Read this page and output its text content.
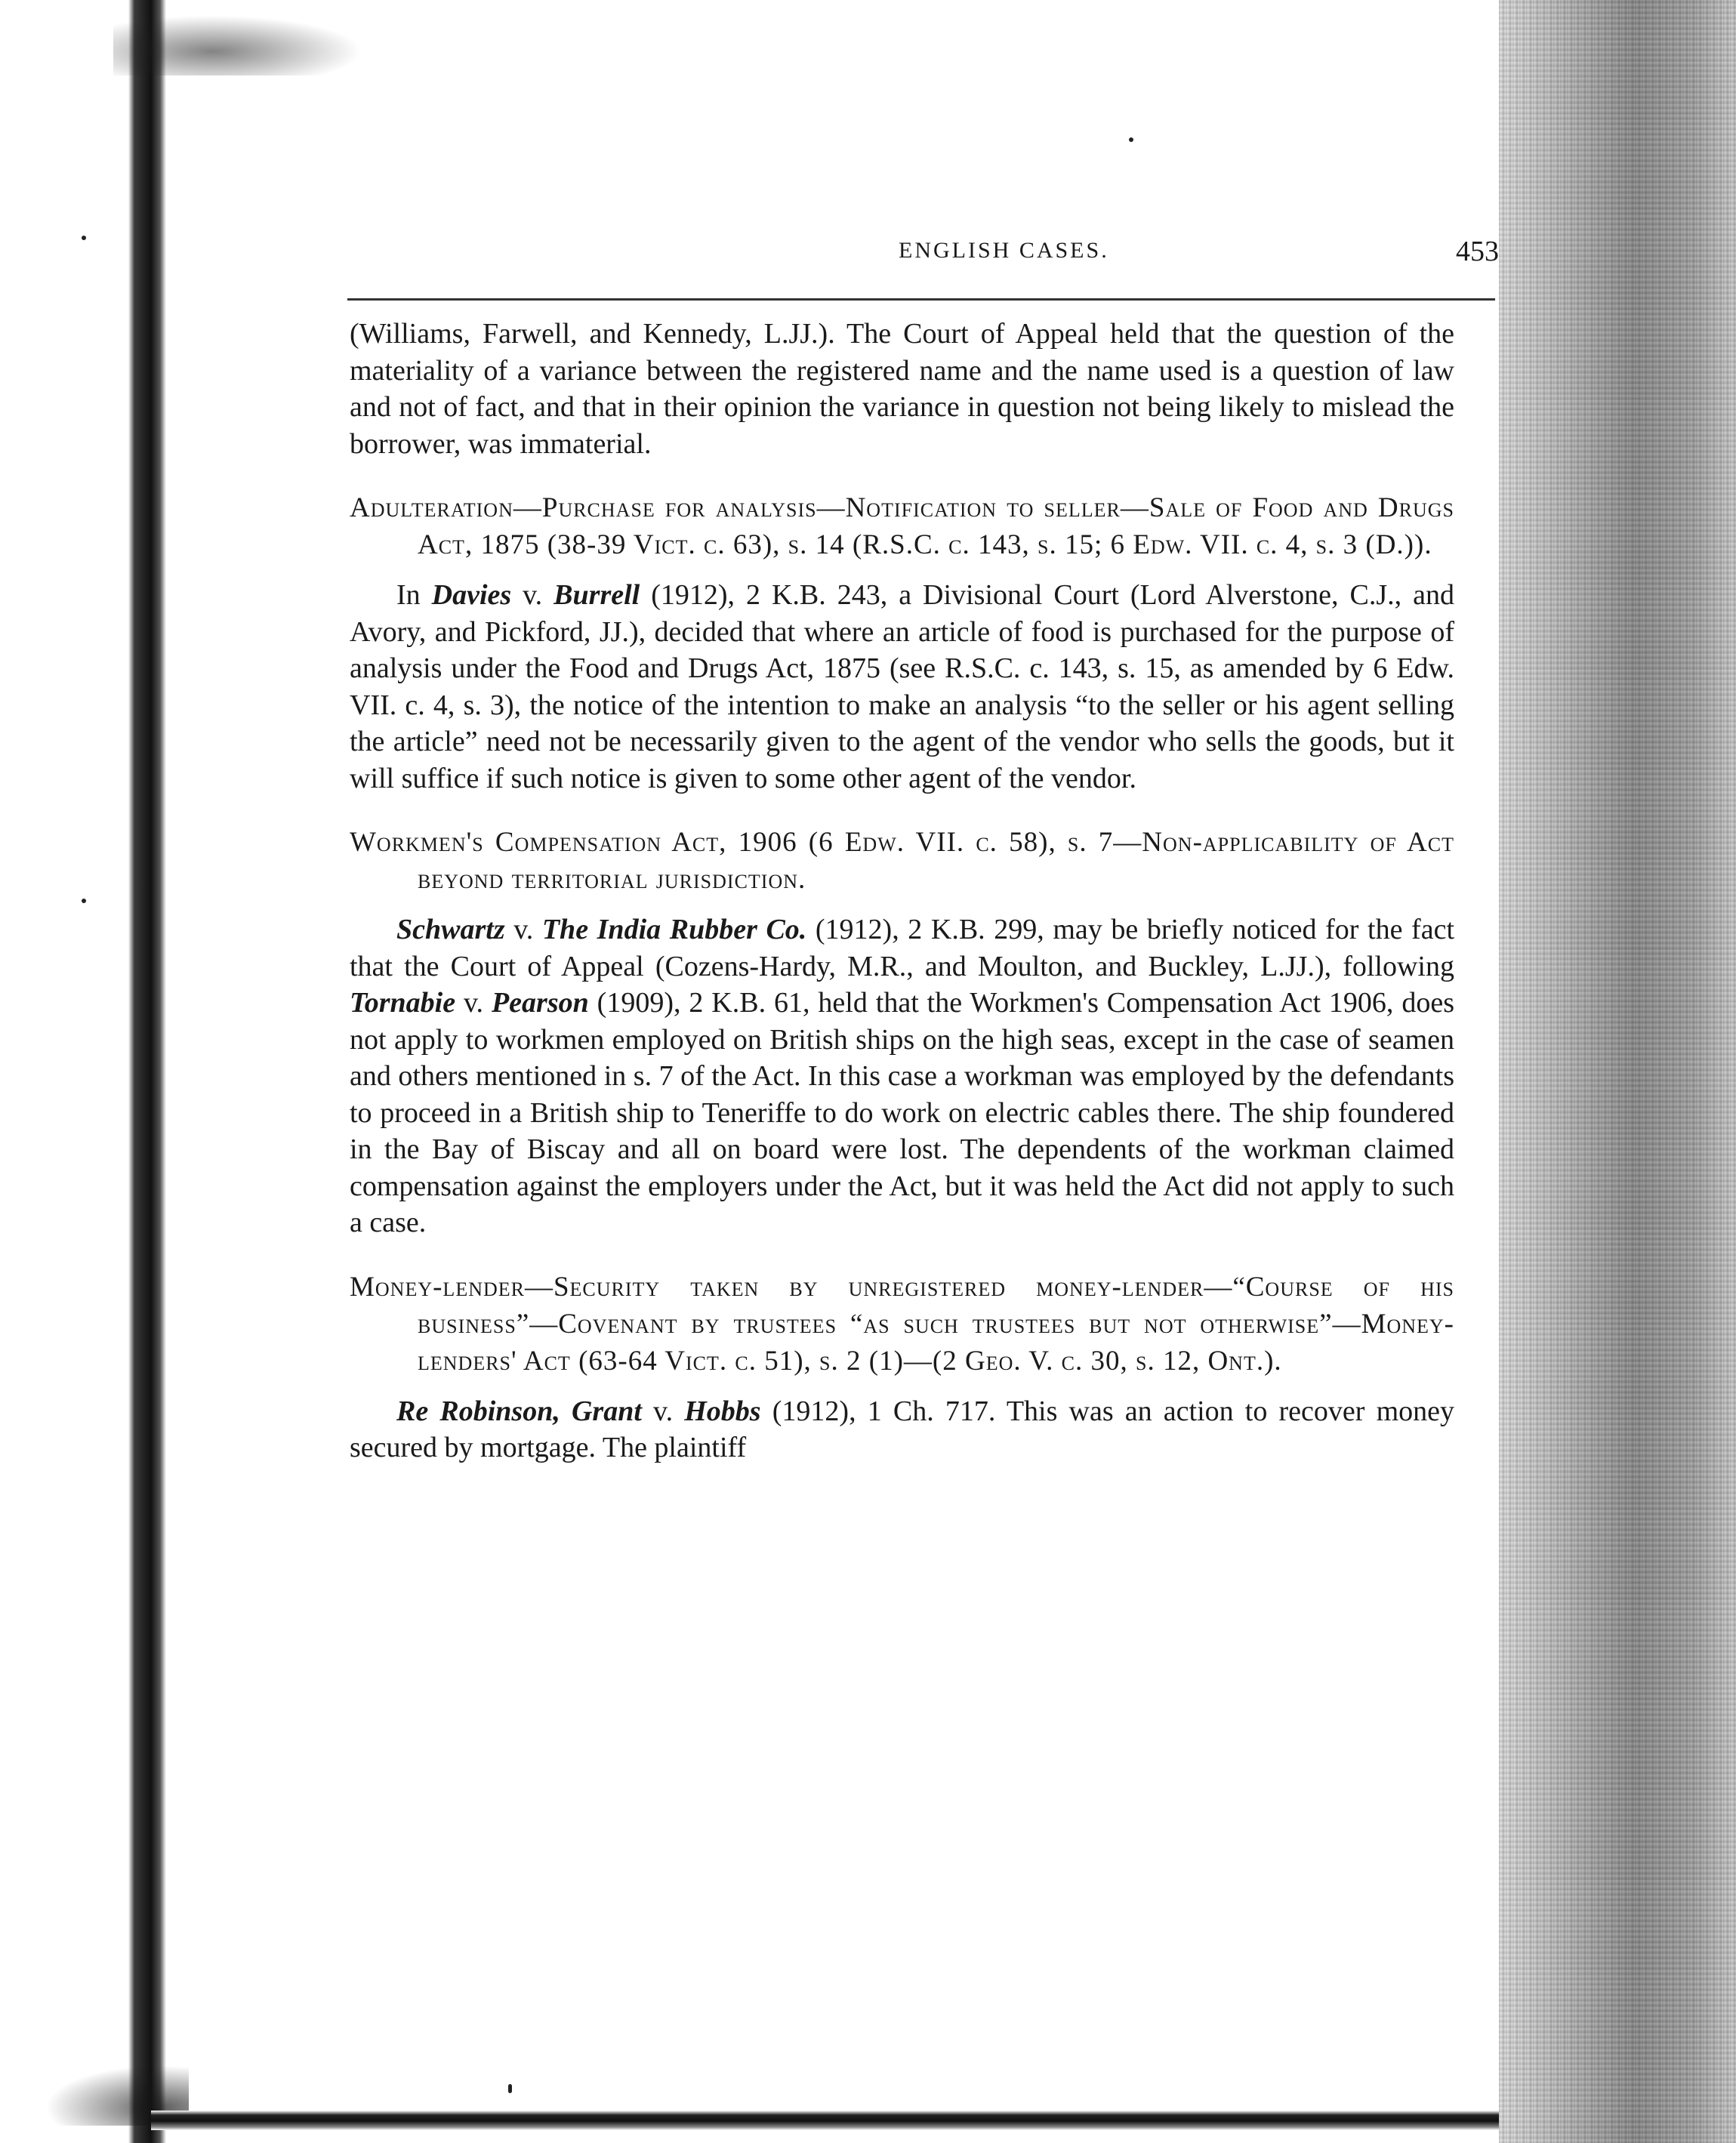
ENGLISH CASES.	453

(Williams, Farwell, and Kennedy, L.JJ.). The Court of Appeal held that the question of the materiality of a variance between the registered name and the name used is a question of law and not of fact, and that in their opinion the variance in question not being likely to mislead the borrower, was immaterial.

Adulteration—Purchase for analysis—Notification to seller—Sale of Food and Drugs Act, 1875 (38-39 Vict. c. 63), s. 14 (R.S.C. c. 143, s. 15; 6 Edw. VII. c. 4, s. 3 (D.)).

In Davies v. Burrell (1912), 2 K.B. 243, a Divisional Court (Lord Alverstone, C.J., and Avory, and Pickford, JJ.), decided that where an article of food is purchased for the purpose of analysis under the Food and Drugs Act, 1875 (see R.S.C. c. 143, s. 15, as amended by 6 Edw. VII. c. 4, s. 3), the notice of the intention to make an analysis “to the seller or his agent selling the article” need not be necessarily given to the agent of the vendor who sells the goods, but it will suffice if such notice is given to some other agent of the vendor.

Workmen's Compensation Act, 1906 (6 Edw. VII. c. 58), s. 7—Non-applicability of Act beyond territorial jurisdiction.

Schwartz v. The India Rubber Co. (1912), 2 K.B. 299, may be briefly noticed for the fact that the Court of Appeal (Cozens-Hardy, M.R., and Moulton, and Buckley, L.JJ.), following Tornabie v. Pearson (1909), 2 K.B. 61, held that the Workmen's Compensation Act 1906, does not apply to workmen employed on British ships on the high seas, except in the case of seamen and others mentioned in s. 7 of the Act. In this case a workman was employed by the defendants to proceed in a British ship to Teneriffe to do work on electric cables there. The ship foundered in the Bay of Biscay and all on board were lost. The dependents of the workman claimed compensation against the employers under the Act, but it was held the Act did not apply to such a case.

Money-lender—Security taken by unregistered money-lender—“Course of his business”—Covenant by trustees “as such trustees but not otherwise”—Money-lenders' Act (63-64 Vict. c. 51), s. 2 (1)—(2 Geo. V. c. 30, s. 12, Ont.).

Re Robinson, Grant v. Hobbs (1912), 1 Ch. 717. This was an action to recover money secured by mortgage. The plaintiff
